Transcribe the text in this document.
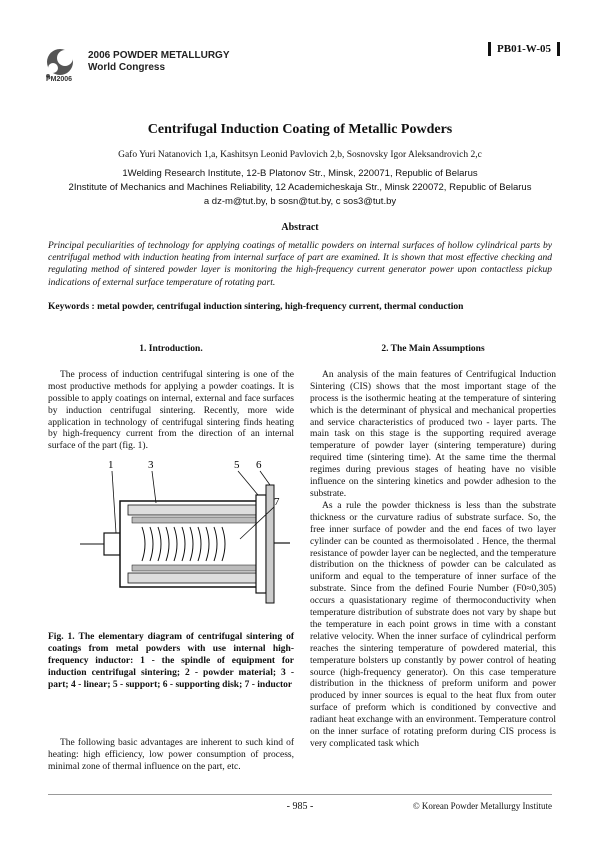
PM2006
2006 POWDER METALLURGY
World Congress
PB01-W-05
Centrifugal Induction Coating of Metallic Powders
Gafo Yuri Natanovich 1,a, Kashitsyn Leonid Pavlovich 2,b, Sosnovsky Igor Aleksandrovich 2,c
1Welding Research Institute, 12-B Platonov Str., Minsk, 220071, Republic of Belarus
2Institute of Mechanics and Machines Reliability, 12 Academicheskaja Str., Minsk 220072, Republic of Belarus
a dz-m@tut.by, b sosn@tut.by, c sos3@tut.by
Abstract

Principal peculiarities of technology for applying coatings of metallic powders on internal surfaces of hollow cylindrical parts by centrifugal method with induction heating from internal surface of part are examined. It is shown that most effective checking and regulating method of sintered powder layer is monitoring the high-frequency current generator power upon contactless pickup indications of external surface temperature of rotating part.

Keywords : metal powder, centrifugal induction sintering, high-frequency current, thermal conduction

1. Introduction.

The process of induction centrifugal sintering is one of the most productive methods for applying a powder coatings. It is possible to apply coatings on internal, external and face surfaces by induction centrifugal sintering. Recently, more wide application in technology of centrifugal sintering finds heating by high-frequency current from the direction of an internal surface of the part (fig. 1).

1	3	5 6
7

Fig. 1. The elementary diagram of centrifugal sintering of coatings from metal powders with use internal high-frequency inductor: 1 - the spindle of equipment for induction centrifugal sintering; 2 - powder material; 3 - part; 4 - linear; 5 - support; 6 - supporting disk; 7 - inductor

The following basic advantages are inherent to such kind of heating: high efficiency, low power consumption of process, minimal zone of thermal influence on the part, etc.

2. The Main Assumptions

An analysis of the main features of Centrifugical Induction Sintering (CIS) shows that the most important stage of the process is the isothermic heating at the temperature of sintering which is the determinant of physical and mechanical properties and service characteristics of produced two - layer parts. The main task on this stage is the supporting required average temperature of powder layer (sintering temperature) during required time (sintering time). At the same time the thermal regimes during previous stages of heating have no visible influence on the sintering kinetics and powder adhesion to the substrate.

As a rule the powder thickness is less than the substrate thickness or the curvature radius of substrate surface. So, the free inner surface of powder and the end faces of two layer cylinder can be counted as thermoisolated . Hence, the thermal resistance of powder layer can be neglected, and the temperature distribution on the thickness of powder can be calculated as uniform and equal to the temperature of inner surface of the substrate. Since from the defined Fourie Number (F0≈0,305) occurs a quasistationary regime of thermoconductivity when temperature distribution of substrate does not vary by shape but the temperature in each point grows in time with a constant relative velocity. When the inner surface of cylindrical perform reaches the sintering temperature of powdered material, this temperature bolsters up constantly by power control of heating source (high-frequency generator). On this case temperature distribution in the thickness of preform uniform and power produced by inner sources is equal to the heat flux from outer surface of preform which is conditioned by convective and radiant heat exchange with an environment. Temperature control on the inner surface of rotating preform during CIS process is very complicated task which

- 985 -	© Korean Powder Metallurgy Institute
